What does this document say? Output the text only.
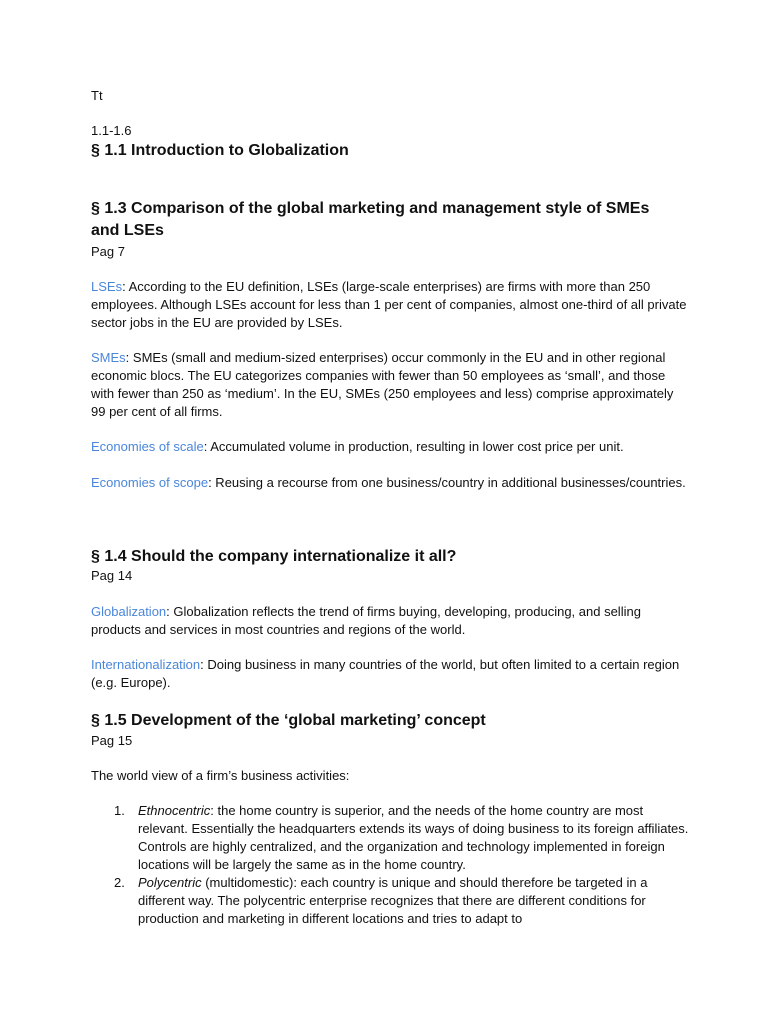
Tt
1.1-1.6
§ 1.1 Introduction to Globalization
§ 1.3 Comparison of the global marketing and management style of SMEs and LSEs
Pag 7
LSEs: According to the EU definition, LSEs (large-scale enterprises) are firms with more than 250 employees. Although LSEs account for less than 1 per cent of companies, almost one-third of all private sector jobs in the EU are provided by LSEs.
SMEs: SMEs (small and medium-sized enterprises) occur commonly in the EU and in other regional economic blocs. The EU categorizes companies with fewer than 50 employees as ‘small’, and those with fewer than 250 as ‘medium’. In the EU, SMEs (250 employees and less) comprise approximately 99 per cent of all firms.
Economies of scale: Accumulated volume in production, resulting in lower cost price per unit.
Economies of scope: Reusing a recourse from one business/country in additional businesses/countries.
§ 1.4 Should the company internationalize it all?
Pag 14
Globalization: Globalization reflects the trend of firms buying, developing, producing, and selling products and services in most countries and regions of the world.
Internationalization: Doing business in many countries of the world, but often limited to a certain region (e.g. Europe).
§ 1.5 Development of the ‘global marketing’ concept
Pag 15
The world view of a firm’s business activities:
1. Ethnocentric: the home country is superior, and the needs of the home country are most relevant. Essentially the headquarters extends its ways of doing business to its foreign affiliates. Controls are highly centralized, and the organization and technology implemented in foreign locations will be largely the same as in the home country.
2. Polycentric (multidomestic): each country is unique and should therefore be targeted in a different way. The polycentric enterprise recognizes that there are different conditions for production and marketing in different locations and tries to adapt to
